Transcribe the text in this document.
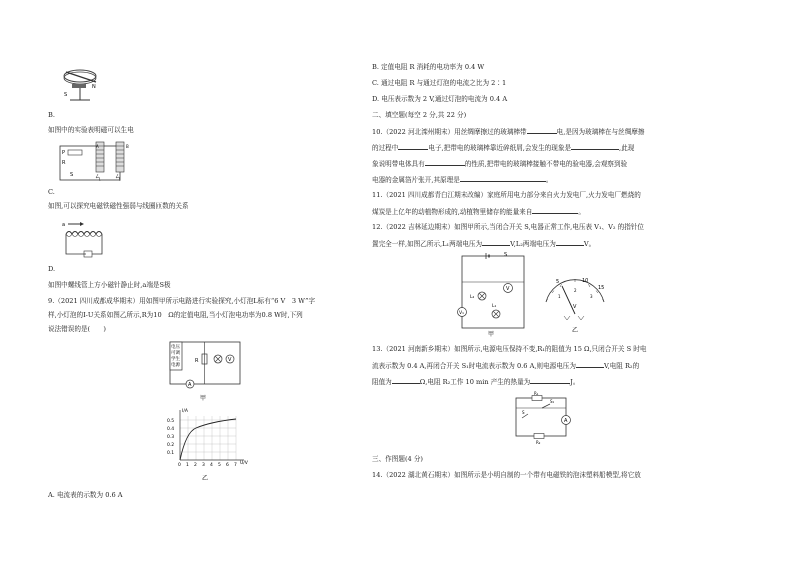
S
N
B.
如图中的实验表明磁可以生电
P
A	B
S
R
C.
如图,可以探究电磁铁磁性强弱与线圈匝数的关系
a
D.
如图中螺线管上方小磁针静止时,a端是S极
9.（2021 四川成都成华期末）用如图甲所示电路进行实验探究,小灯泡L标有“6 V　3 W”字
样,小灯泡的I-U关系如图乙所示,R为10　Ω的定值电阻,当小灯泡电功率为0.8 W时,下列
说法错误的是(　　)
电压
可调
学生
电源
R	V
A
甲
I/A
U/V
0.5
0.4
0.3
0.2
0.1
0 1 2 3 4 5 6 7
乙
A. 电流表的示数为 0.6 A
B. 定值电阻 R 消耗的电功率为 0.4 W
C. 通过电阻 R 与通过灯泡的电流之比为 2∶1
D. 电压表示数为 2 V,通过灯泡的电流为 0.4 A
二、填空题(每空 2 分,共 22 分)
10.（2022 河北滦州期末）用丝绸摩擦过的玻璃棒带	电,是因为玻璃棒在与丝绸摩擦
的过程中	电子,把带电的玻璃棒靠近碎纸屑,会发生的现象是	,此现
象说明带电体具有	的性质,把带电的玻璃棒接触不带电的验电器,会观察到验
电器的金属箔片张开,其原理是	。
11.（2021 四川成都青白江期末改编）家庭所用电力部分来自火力发电厂,火力发电厂燃烧的
煤炭是上亿年的动植物形成的,动植物里储存的能量来自	。
12.（2022 吉林延边期末）如图甲所示,当闭合开关 S,电器正常工作,电压表 V₁、V₂ 的指针位
置完全一样,如图乙所示,L₁两端电压为	V,L₂两端电压为	V。
S
L₂
V
V₁
L₁
甲
5	10
15
1
2
3
V
乙
13.（2021 河南新乡期末）如图所示,电源电压保持不变,R₁的阻值为 15 Ω,只闭合开关 S 时电
流表示数为 0.4 A,再闭合开关 S₁时电流表示数为 0.6 A,则电源电压为	V,电阻 R₂的
阻值为	Ω,电阻 R₂工作 10 min 产生的热量为	J。
R₁
S₁
S
A
R₂
三、作图题(4 分)
14.（2022 湖北黄石期末）如图所示是小明自制的一个带有电磁铁的泡沫塑料船模型,将它放
